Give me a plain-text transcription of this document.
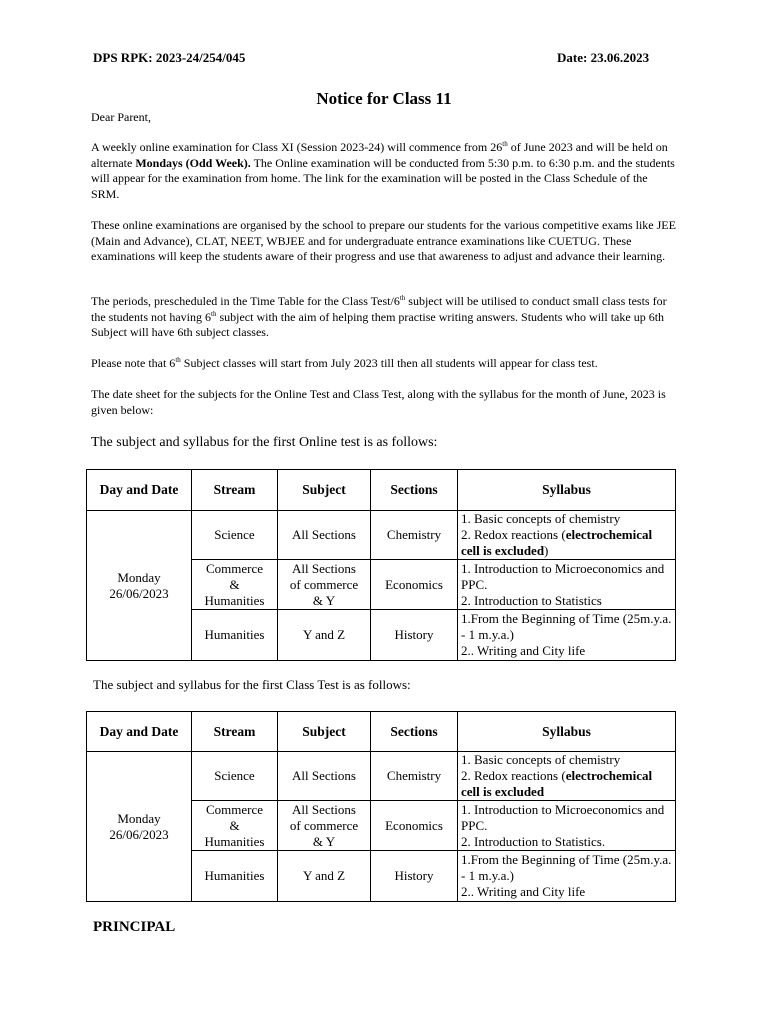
DPS RPK: 2023-24/254/045	Date: 23.06.2023
Notice for Class 11
Dear Parent,
A weekly online examination for Class XI (Session 2023-24) will commence from 26th of June 2023 and will be held on alternate Mondays (Odd Week). The Online examination will be conducted from 5:30 p.m. to 6:30 p.m. and the students will appear for the examination from home. The link for the examination will be posted in the Class Schedule of the SRM.
These online examinations are organised by the school to prepare our students for the various competitive exams like JEE (Main and Advance), CLAT, NEET, WBJEE and for undergraduate entrance examinations like CUETUG. These examinations will keep the students aware of their progress and use that awareness to adjust and advance their learning.
The periods, prescheduled in the Time Table for the Class Test/6th subject will be utilised to conduct small class tests for the students not having 6th subject with the aim of helping them practise writing answers. Students who will take up 6th Subject will have 6th subject classes.
Please note that 6th Subject classes will start from July 2023 till then all students will appear for class test.
The date sheet for the subjects for the Online Test and Class Test, along with the syllabus for the month of June, 2023 is given below:
The subject and syllabus for the first Online test is as follows:
Day and Date	Stream	Subject	Sections	Syllabus
Monday
26/06/2023	Science	All Sections	Chemistry	1. Basic concepts of chemistry
2. Redox reactions (electrochemical cell is excluded)
	Commerce
&
Humanities	All Sections
of commerce
& Y	Economics	1. Introduction to Microeconomics and PPC.
2. Introduction to Statistics
	Humanities	Y and Z	History	1.From the Beginning of Time (25m.y.a. - 1 m.y.a.)
2.. Writing and City life
The subject and syllabus for the first Class Test is as follows:
Day and Date	Stream	Subject	Sections	Syllabus
Monday
26/06/2023	Science	All Sections	Chemistry	1. Basic concepts of chemistry
2. Redox reactions (electrochemical cell is excluded
	Commerce
&
Humanities	All Sections
of commerce
& Y	Economics	1. Introduction to Microeconomics and PPC.
2. Introduction to Statistics.
	Humanities	Y and Z	History	1.From the Beginning of Time (25m.y.a. - 1 m.y.a.)
2.. Writing and City life
PRINCIPAL
